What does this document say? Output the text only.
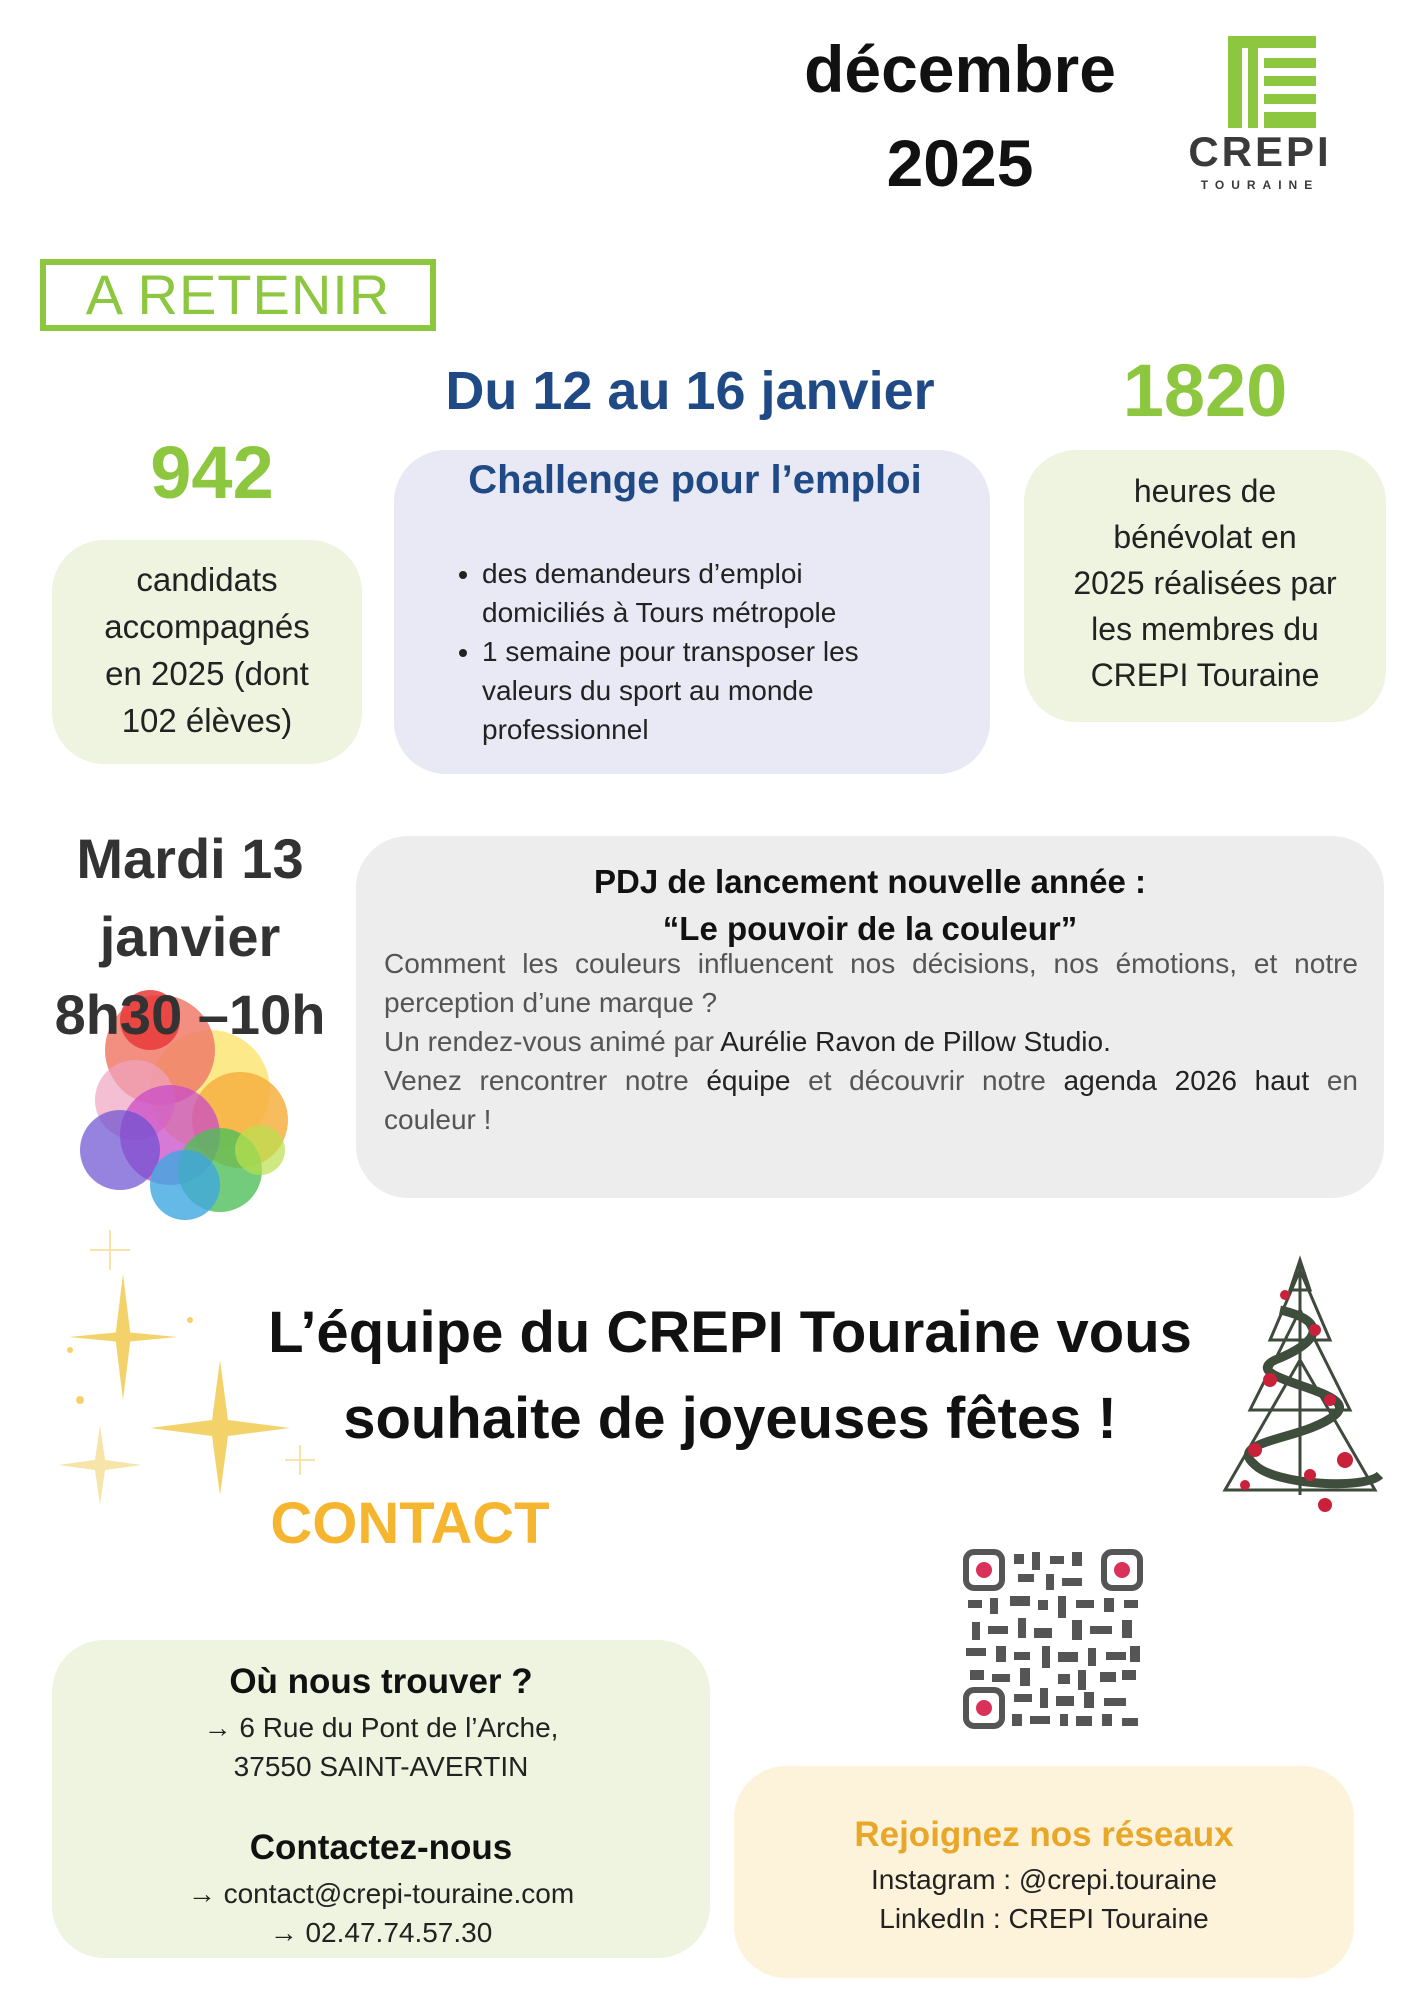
décembre
2025	CREPI
TOURAINE
A RETENIR
942
candidats
accompagnés
en 2025 (dont
102 élèves)
Du 12 au 16 janvier
Challenge pour l’emploi
• des demandeurs d’emploi
domiciliés à Tours métropole
• 1 semaine pour transposer les
valeurs du sport au monde
professionnel
1820
heures de
bénévolat en
2025 réalisées par
les membres du
CREPI Touraine
Mardi 13
janvier
8h30 –10h
PDJ de lancement nouvelle année :
“Le pouvoir de la couleur”
Comment les couleurs influencent nos décisions, nos émotions, et notre perception d’une marque ?
Un rendez-vous animé par Aurélie Ravon de Pillow Studio.
Venez rencontrer notre équipe et découvrir notre agenda 2026 haut en couleur !
L’équipe du CREPI Touraine vous
souhaite de joyeuses fêtes !
CONTACT
Où nous trouver ?
→ 6 Rue du Pont de l’Arche,
37550 SAINT-AVERTIN
Contactez-nous
→ contact@crepi-touraine.com
→ 02.47.74.57.30
Rejoignez nos réseaux
Instagram : @crepi.touraine
LinkedIn : CREPI Touraine
